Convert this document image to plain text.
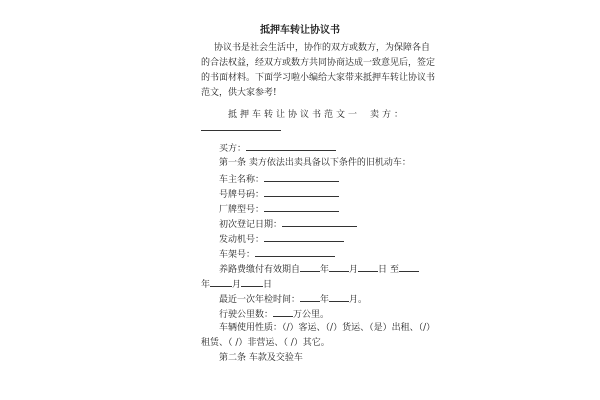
抵押车转让协议书
协议书是社会生活中，协作的双方或数方，为保障各自
的合法权益，经双方或数方共同协商达成一致意见后，签定
的书面材料。下面学习啦小编给大家带来抵押车转让协议书
范文，供大家参考!
抵押车转让协议书范文一 卖方：
买方：
第一条 卖方依法出卖具备以下条件的旧机动车：
车主名称：
号牌号码：
厂牌型号：
初次登记日期：
发动机号：
车架号：
养路费缴付有效期自 年 月 日 至
年 月 日
最近一次年检时间： 年 月。
行驶公里数： 万公里。
车辆使用性质：（/）客运、（/）货运、（是）出租、（/）
租赁、（ /）非营运、（ /）其它。
第二条 车款及交验车
